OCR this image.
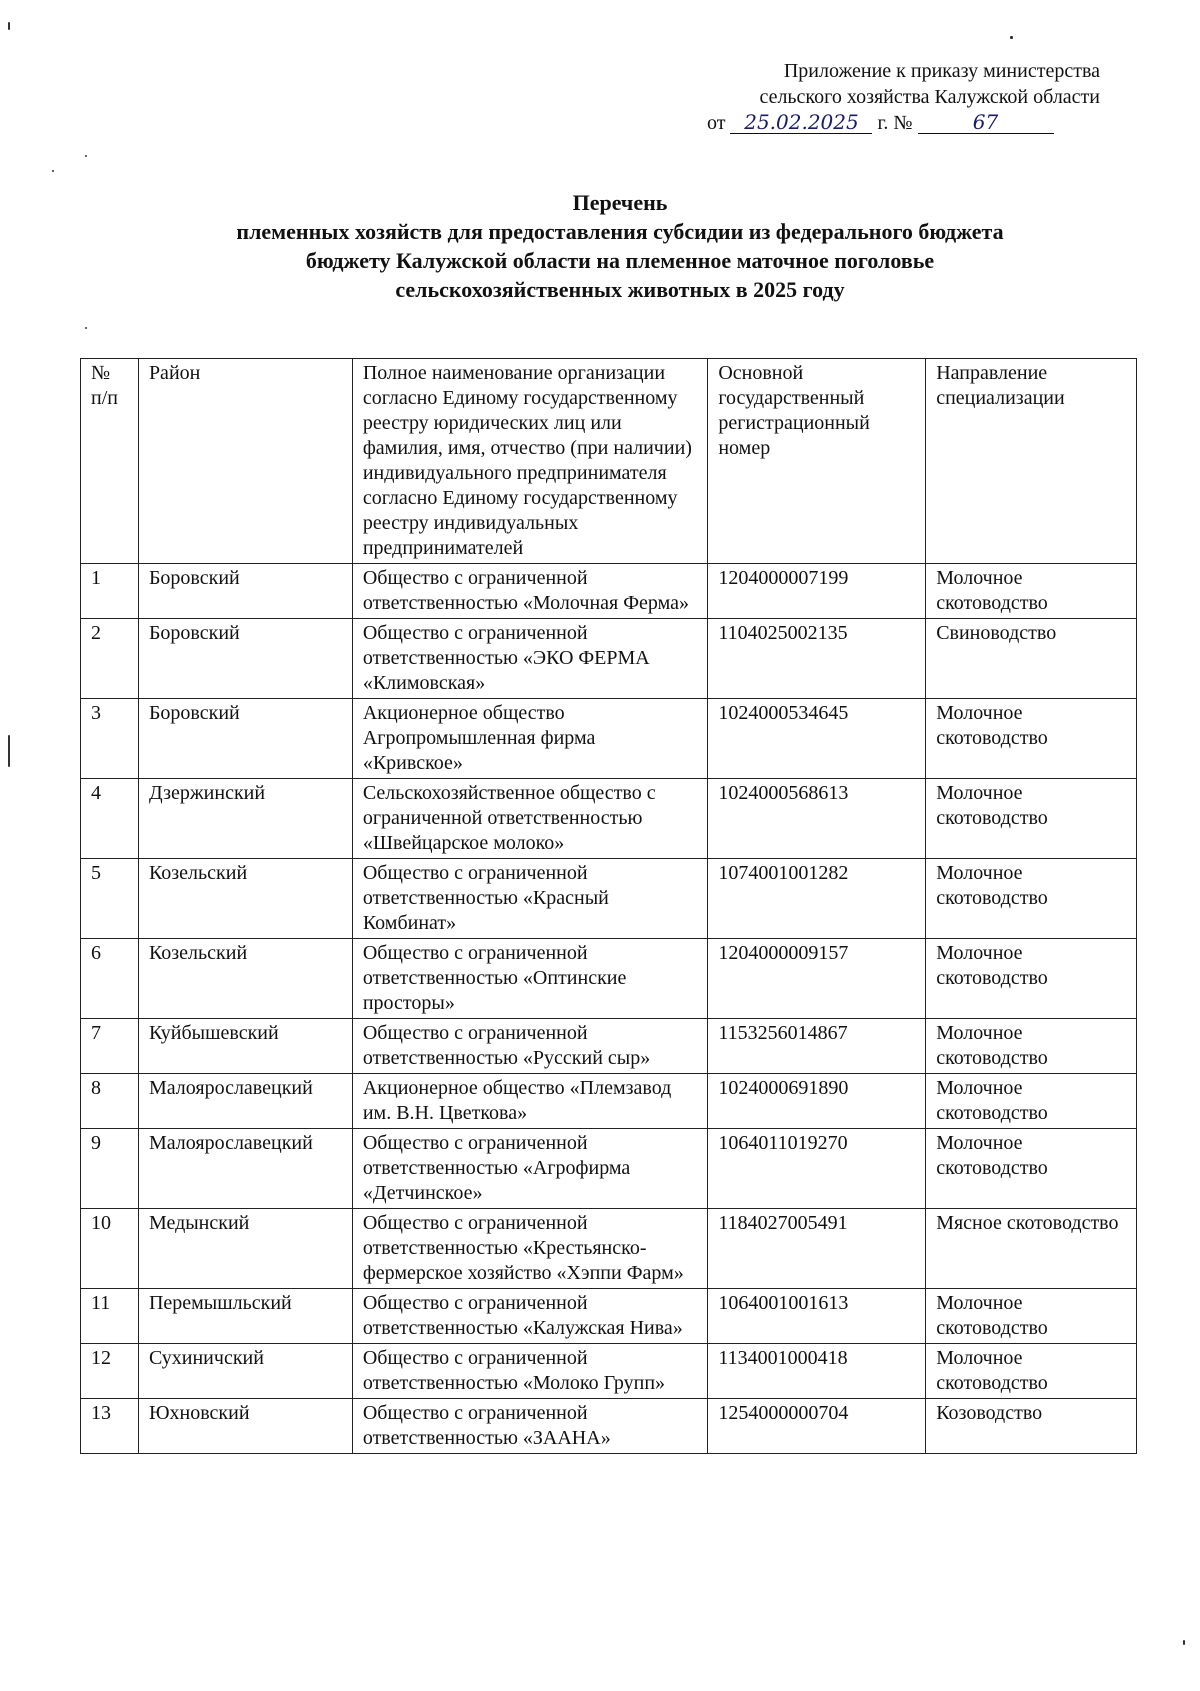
Приложение к приказу министерства
сельского хозяйства Калужской области
от 25.02.2025 г. №	67
Перечень
племенных хозяйств для предоставления субсидии из федерального бюджета
бюджету Калужской области на племенное маточное поголовье
сельскохозяйственных животных в 2025 году
№ п/п	Район	Полное наименование организации согласно Единому государственному реестру юридических лиц или фамилия, имя, отчество (при наличии) индивидуального предпринимателя согласно Единому государственному реестру индивидуальных предпринимателей	Основной государственный регистрационный номер	Направление специализации
1	Боровский	Общество с ограниченной ответственностью «Молочная Ферма»	1204000007199	Молочное скотоводство
2	Боровский	Общество с ограниченной ответственностью «ЭКО ФЕРМА «Климовская»	1104025002135	Свиноводство
3	Боровский	Акционерное общество Агропромышленная фирма «Кривское»	1024000534645	Молочное скотоводство
4	Дзержинский	Сельскохозяйственное общество с ограниченной ответственностью «Швейцарское молоко»	1024000568613	Молочное скотоводство
5	Козельский	Общество с ограниченной ответственностью «Красный Комбинат»	1074001001282	Молочное скотоводство
6	Козельский	Общество с ограниченной ответственностью «Оптинские просторы»	1204000009157	Молочное скотоводство
7	Куйбышевский	Общество с ограниченной ответственностью «Русский сыр»	1153256014867	Молочное скотоводство
8	Малоярославецкий	Акционерное общество «Племзавод им. В.Н. Цветкова»	1024000691890	Молочное скотоводство
9	Малоярославецкий	Общество с ограниченной ответственностью «Агрофирма «Детчинское»	1064011019270	Молочное скотоводство
10	Медынский	Общество с ограниченной ответственностью «Крестьянско-фермерское хозяйство «Хэппи Фарм»	1184027005491	Мясное скотоводство
11	Перемышльский	Общество с ограниченной ответственностью «Калужская Нива»	1064001001613	Молочное скотоводство
12	Сухиничский	Общество с ограниченной ответственностью «Молоко Групп»	1134001000418	Молочное скотоводство
13	Юхновский	Общество с ограниченной ответственностью «ЗААНА»	1254000000704	Козоводство
